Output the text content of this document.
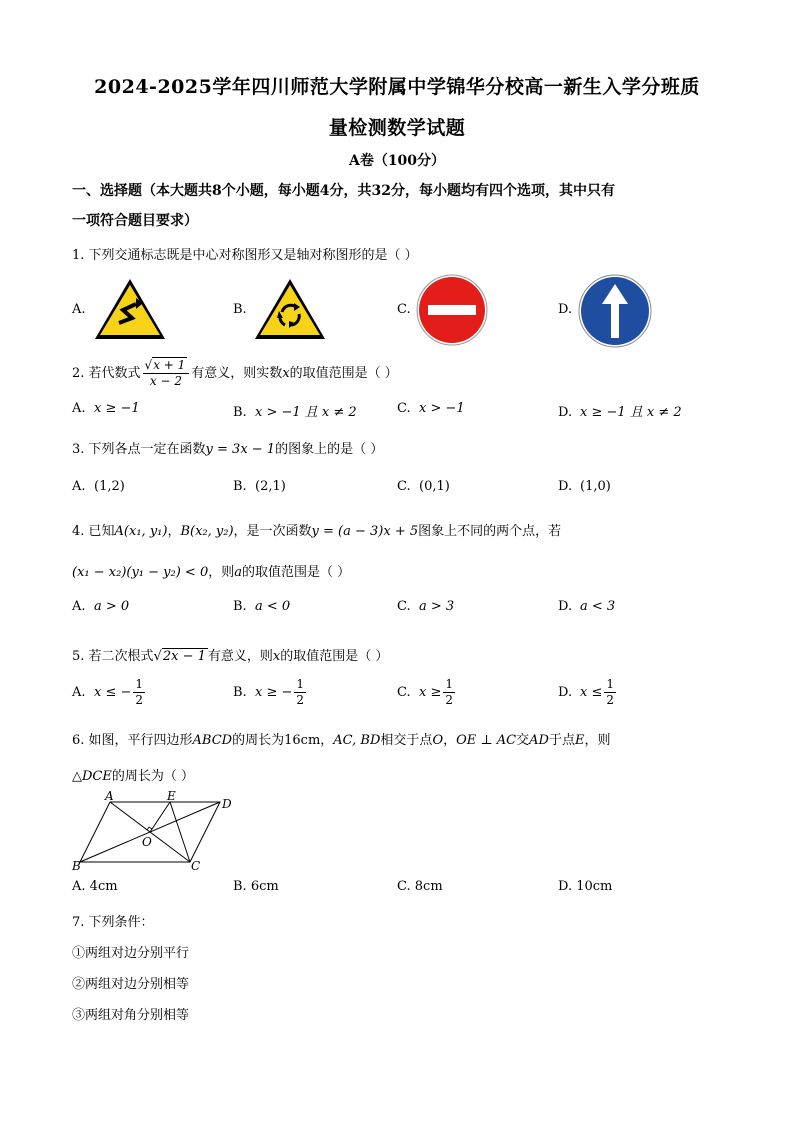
2024-2025学年四川师范大学附属中学锦华分校高一新生入学分班质
量检测数学试题
A卷（100分）
一、选择题（本大题共8个小题，每小题4分，共32分，每小题均有四个选项，其中只有
一项符合题目要求）
1. 下列交通标志既是中心对称图形又是轴对称图形的是（ ）
A.	B.	C.	D.
2. 若代数式 $\frac{√x + 1}{x - 2}$ 有意义，则实数x的取值范围是（ ）
A. x ≥ −1	B. x > −1 且 x ≠ 2	C. x > −1	D. x ≥ −1 且 x ≠ 2
3. 下列各点一定在函数y = 3x − 1的图象上的是（ ）
A. (1,2)	B. (2,1)	C. (0,1)	D. (1,0)
4. 已知A(x₁, y₁)，B(x₂, y₂)，是一次函数y = (a − 3)x + 5图象上不同的两个点，若
(x₁ − x₂)(y₁ − y₂) < 0，则a的取值范围是（ ）
A. a > 0	B. a < 0	C. a > 3	D. a < 3
5. 若二次根式√2x − 1 有意义，则x的取值范围是（ ）
A. x ≤ − $\frac{1}{2}$	B. x ≥ − $\frac{1}{2}$	C. $x \ge \frac{1}{2}$	D. $x \le \frac{1}{2}$
6. 如图，平行四边形ABCD的周长为16cm，AC, BD相交于点O，OE ⊥ AC交AD于点E，则
△DCE的周长为（ ）
A	E
D
O
B	C
A. 4cm	B. 6cm	C. 8cm	D. 10cm
7. 下列条件：
①两组对边分别平行
②两组对边分别相等
③两组对角分别相等
